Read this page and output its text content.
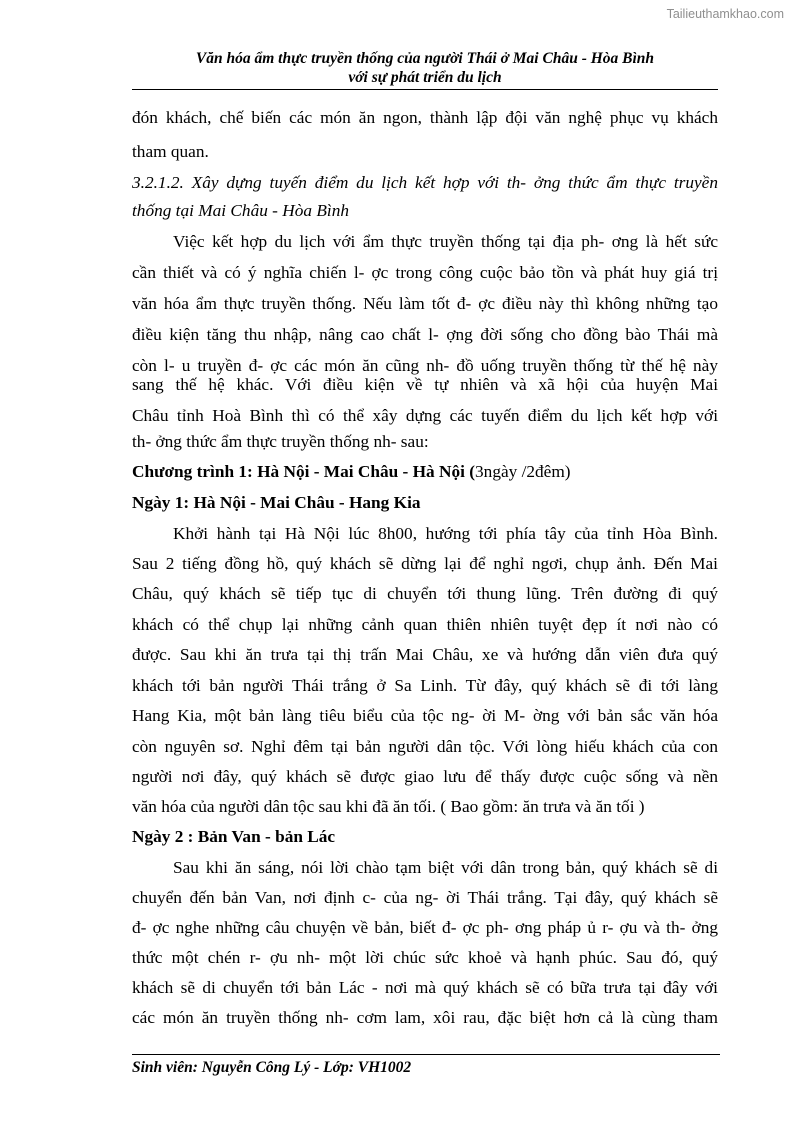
Tailieuthamkhao.com
Văn hóa ẩm thực truyền thống của người Thái ở Mai Châu - Hòa Bình
với sự phát triển du lịch
đón khách, chế biến các món ăn ngon, thành lập đội văn nghệ phục vụ khách
tham quan.
3.2.1.2. Xây dựng tuyến điểm du lịch kết hợp với th- ởng thức ẩm thực truyền
thống tại Mai Châu - Hòa Bình
Việc kết hợp du lịch với ẩm thực truyền thống tại địa ph- ơng là hết sức
cần thiết và có ý nghĩa chiến l- ợc trong công cuộc bảo tồn và phát huy giá trị
văn hóa ẩm thực truyền thống. Nếu làm tốt đ- ợc điều này thì không những tạo
điều kiện tăng thu nhập, nâng cao chất l- ợng đời sống cho đồng bào Thái mà
còn l- u truyền đ- ợc các món ăn cũng nh- đồ uống truyền thống từ thế hệ này
sang thế hệ khác. Với điều kiện về tự nhiên và xã hội của huyện Mai
Châu tỉnh Hoà Bình thì có thể xây dựng các tuyến điểm du lịch kết hợp với
th- ởng thức ẩm thực truyền thống nh- sau:
Chương trình 1: Hà Nội - Mai Châu - Hà Nội (3ngày /2đêm)
Ngày 1: Hà Nội - Mai Châu - Hang Kia
Khởi hành tại Hà Nội lúc 8h00, hướng tới phía tây của tỉnh Hòa Bình.
Sau 2 tiếng đồng hồ, quý khách sẽ dừng lại để nghỉ ngơi, chụp ảnh. Đến Mai
Châu, quý khách sẽ tiếp tục di chuyển tới thung lũng. Trên đường đi quý
khách có thể chụp lại những cảnh quan thiên nhiên tuyệt đẹp ít nơi nào có
được. Sau khi ăn trưa tại thị trấn Mai Châu, xe và hướng dẫn viên đưa quý
khách tới bản người Thái trắng ở Sa Linh. Từ đây, quý khách sẽ đi tới làng
Hang Kia, một bản làng tiêu biểu của tộc ng- ời M- ờng với bản sắc văn hóa
còn nguyên sơ. Nghỉ đêm tại bản người dân tộc. Với lòng hiếu khách của con
người nơi đây, quý khách sẽ được giao lưu để thấy được cuộc sống và nền
văn hóa của người dân tộc sau khi đã ăn tối. ( Bao gồm: ăn trưa và ăn tối )
Ngày 2 : Bản Van - bản Lác
Sau khi ăn sáng, nói lời chào tạm biệt với dân trong bản, quý khách sẽ di
chuyển đến bản Van, nơi định c- của ng- ời Thái trắng. Tại đây, quý khách sẽ
đ- ợc nghe những câu chuyện về bản, biết đ- ợc ph- ơng pháp ủ r- ợu và th- ởng
thức một chén r- ợu nh- một lời chúc sức khoẻ và hạnh phúc. Sau đó, quý
khách sẽ di chuyển tới bản Lác - nơi mà quý khách sẽ có bữa trưa tại đây với
các món ăn truyền thống nh- cơm lam, xôi rau, đặc biệt hơn cả là cùng tham
Sinh viên: Nguyễn Công Lý - Lớp: VH1002
